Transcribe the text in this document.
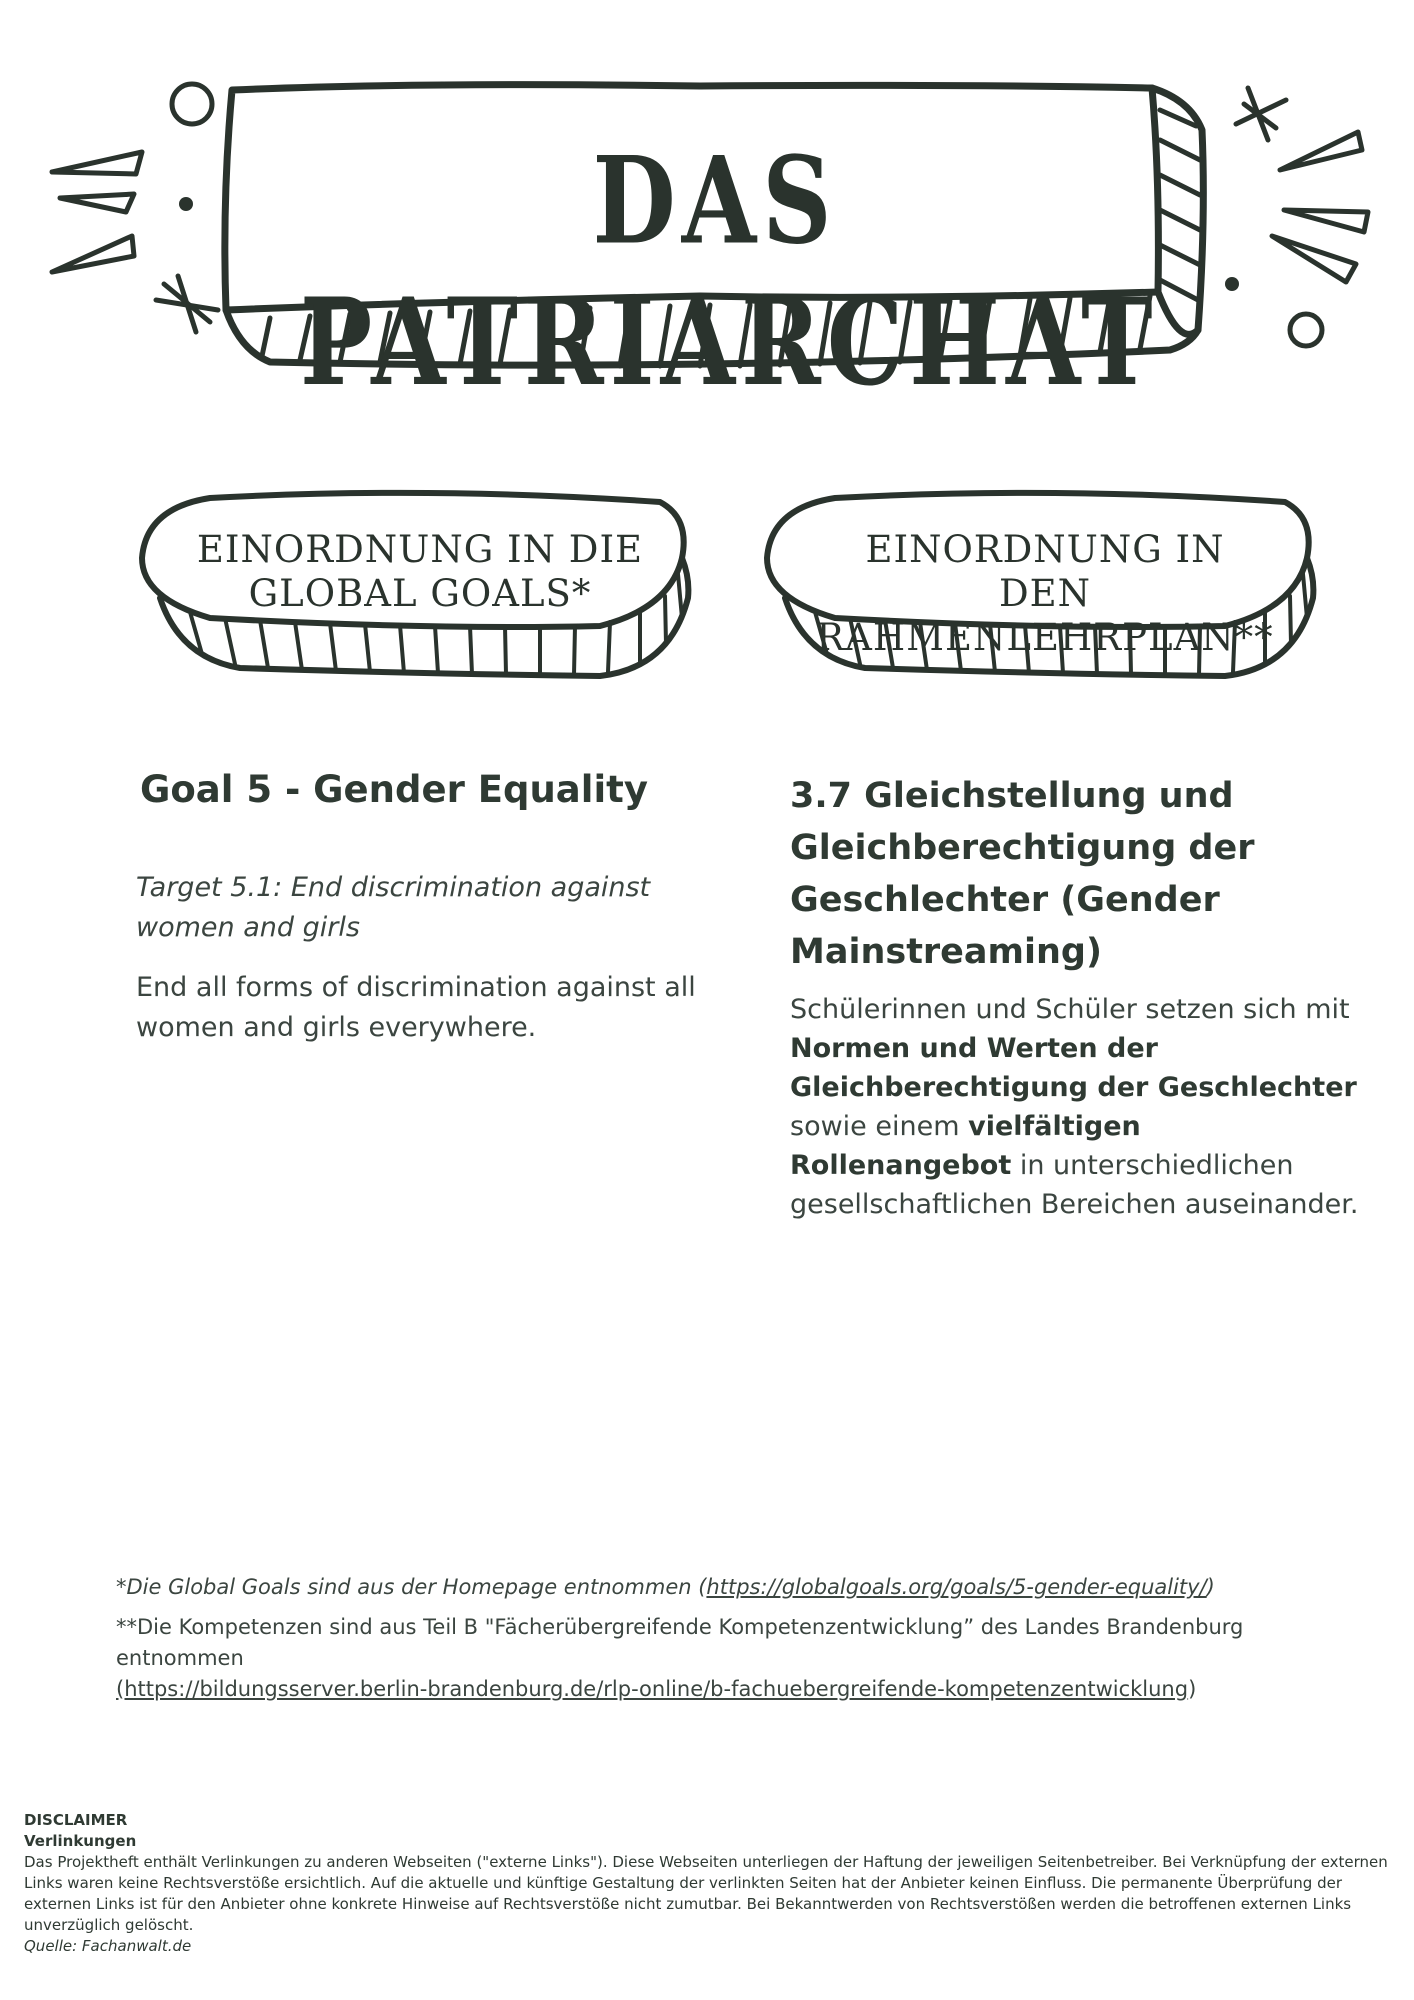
DAS PATRIARCHAT
EINORDNUNG IN DIE
GLOBAL GOALS*
EINORDNUNG IN DEN
RAHMENLEHRPLAN**
Goal 5 - Gender Equality
Target 5.1: End discrimination against women and girls
End all forms of discrimination against all women and girls everywhere.
3.7 Gleichstellung und Gleichberechtigung der Geschlechter (Gender Mainstreaming)
Schülerinnen und Schüler setzen sich mit Normen und Werten der Gleichberechtigung der Geschlechter sowie einem vielfältigen Rollenangebot in unterschiedlichen gesellschaftlichen Bereichen auseinander.
*Die Global Goals sind aus der Homepage entnommen (https://globalgoals.org/goals/5-gender-equality/)
**Die Kompetenzen sind aus Teil B "Fächerübergreifende Kompetenzentwicklung” des Landes Brandenburg entnommen
(https://bildungsserver.berlin-brandenburg.de/rlp-online/b-fachuebergreifende-kompetenzentwicklung)
DISCLAIMER
Verlinkungen
Das Projektheft enthält Verlinkungen zu anderen Webseiten ("externe Links"). Diese Webseiten unterliegen der Haftung der jeweiligen Seitenbetreiber. Bei Verknüpfung der externen Links waren keine Rechtsverstöße ersichtlich. Auf die aktuelle und künftige Gestaltung der verlinkten Seiten hat der Anbieter keinen Einfluss. Die permanente Überprüfung der externen Links ist für den Anbieter ohne konkrete Hinweise auf Rechtsverstöße nicht zumutbar. Bei Bekanntwerden von Rechtsverstößen werden die betroffenen externen Links unverzüglich gelöscht.
Quelle: Fachanwalt.de
